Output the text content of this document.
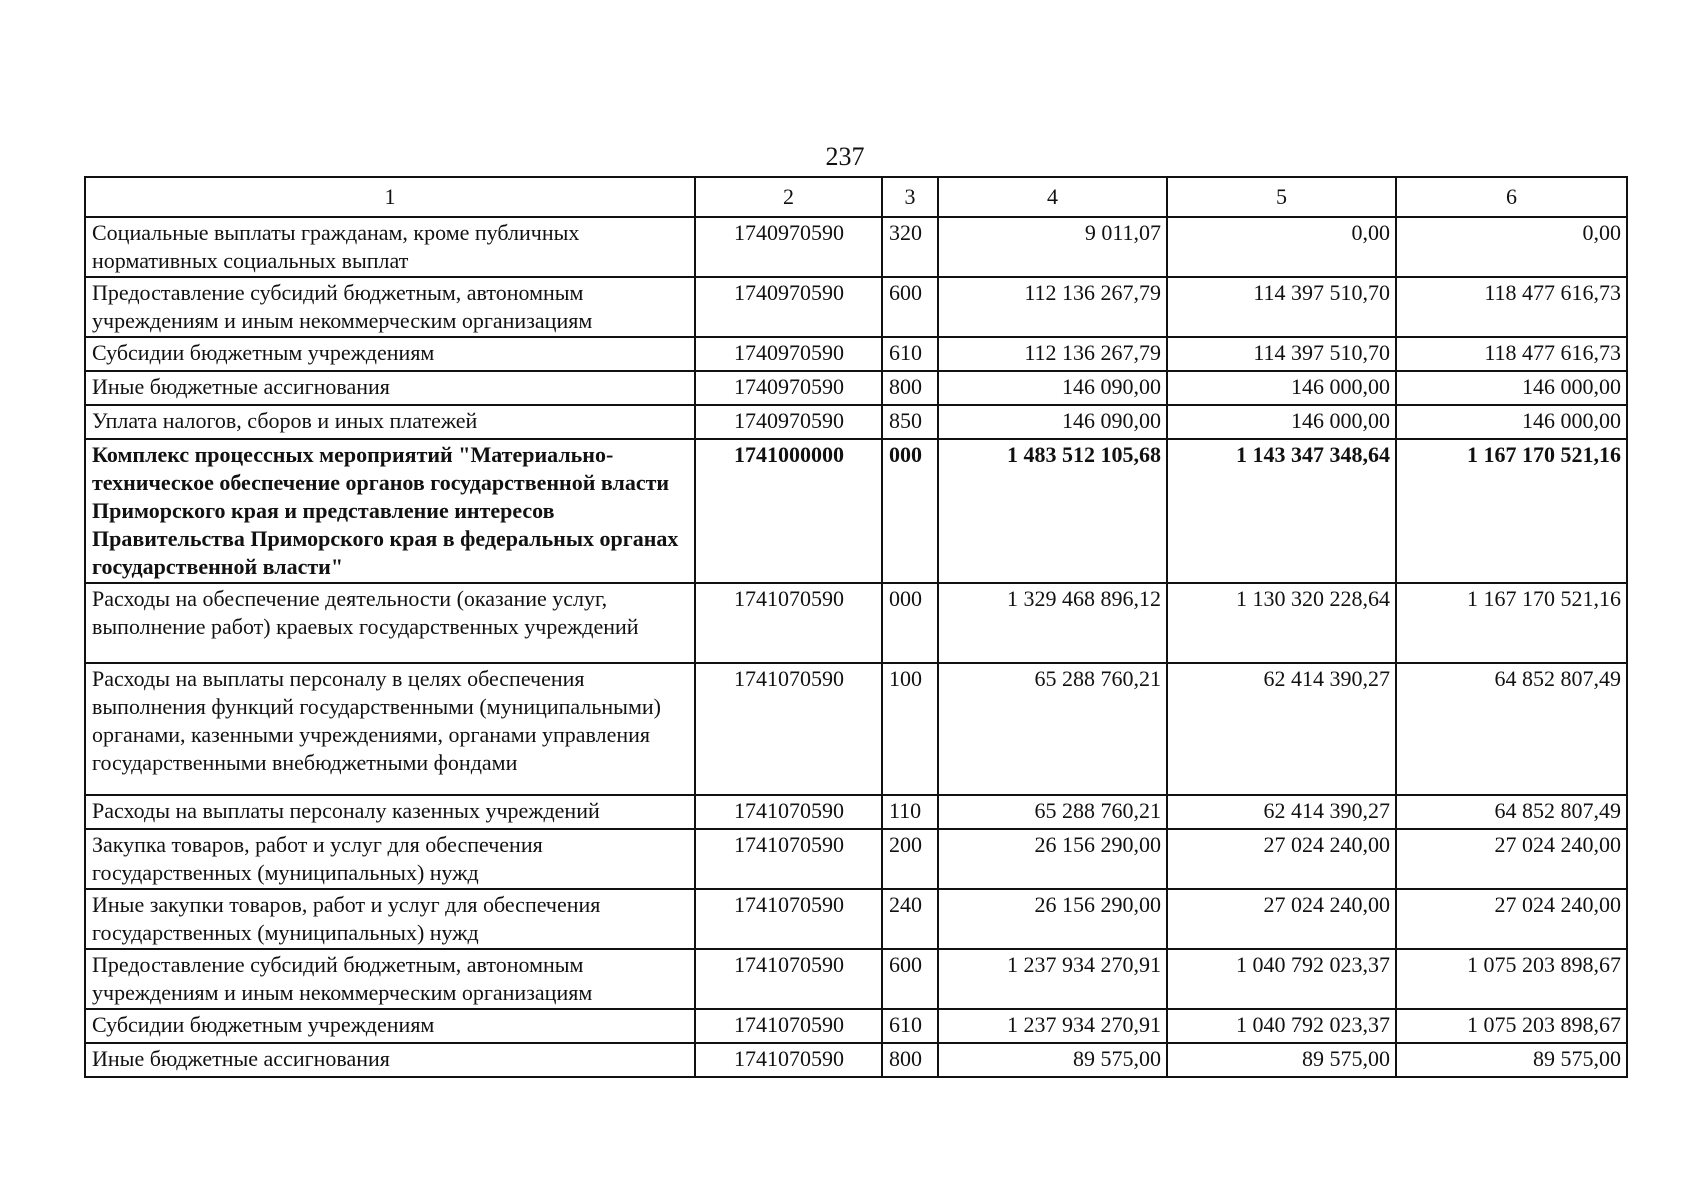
237
1	2	3	4	5	6
Социальные выплаты гражданам, кроме публичных нормативных социальных выплат	1740970590	320	9 011,07	0,00	0,00
Предоставление субсидий бюджетным, автономным учреждениям и иным некоммерческим организациям	1740970590	600	112 136 267,79	114 397 510,70	118 477 616,73
Субсидии бюджетным учреждениям	1740970590	610	112 136 267,79	114 397 510,70	118 477 616,73
Иные бюджетные ассигнования	1740970590	800	146 090,00	146 000,00	146 000,00
Уплата налогов, сборов и иных платежей	1740970590	850	146 090,00	146 000,00	146 000,00
Комплекс процессных мероприятий "Материально-техническое обеспечение органов государственной власти Приморского края и представление интересов Правительства Приморского края в федеральных органах государственной власти"	1741000000	000	1 483 512 105,68	1 143 347 348,64	1 167 170 521,16
Расходы на обеспечение деятельности (оказание услуг, выполнение работ) краевых государственных учреждений	1741070590	000	1 329 468 896,12	1 130 320 228,64	1 167 170 521,16
Расходы на выплаты персоналу в целях обеспечения выполнения функций государственными (муниципальными) органами, казенными учреждениями, органами управления государственными внебюджетными фондами	1741070590	100	65 288 760,21	62 414 390,27	64 852 807,49
Расходы на выплаты персоналу казенных учреждений	1741070590	110	65 288 760,21	62 414 390,27	64 852 807,49
Закупка товаров, работ и услуг для обеспечения государственных (муниципальных) нужд	1741070590	200	26 156 290,00	27 024 240,00	27 024 240,00
Иные закупки товаров, работ и услуг для обеспечения государственных (муниципальных) нужд	1741070590	240	26 156 290,00	27 024 240,00	27 024 240,00
Предоставление субсидий бюджетным, автономным учреждениям и иным некоммерческим организациям	1741070590	600	1 237 934 270,91	1 040 792 023,37	1 075 203 898,67
Субсидии бюджетным учреждениям	1741070590	610	1 237 934 270,91	1 040 792 023,37	1 075 203 898,67
Иные бюджетные ассигнования	1741070590	800	89 575,00	89 575,00	89 575,00
